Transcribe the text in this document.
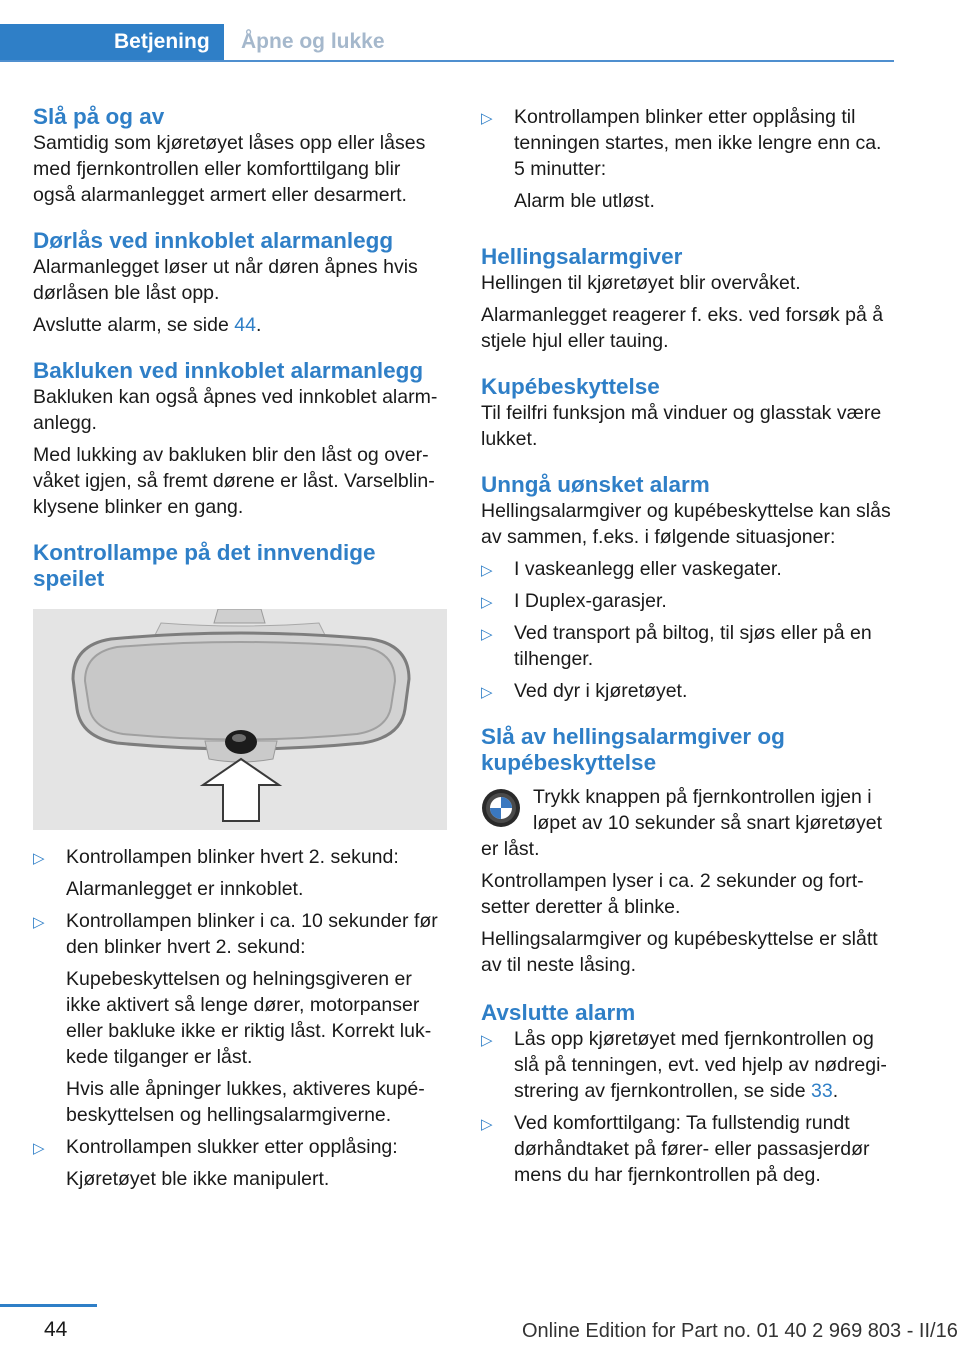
Betjening	Åpne og lukke
Slå på og av

Samtidig som kjøretøyet låses opp eller låses med fjernkontrollen eller komforttilgang blir også alarmanlegget armert eller desarmert.

Dørlås ved innkoblet alarmanlegg

Alarmanlegget løser ut når døren åpnes hvis dørlåsen ble låst opp.

Avslutte alarm, se side 44.

Bakluken ved innkoblet alarmanlegg

Bakluken kan også åpnes ved innkoblet alarmanlegg.

Med lukking av bakluken blir den låst og overvåket igjen, så fremt dørene er låst. Varselblinklysene blinker en gang.

Kontrollampe på det innvendige speilet
▷ Kontrollampen blinker hvert 2. sekund:
Alarmanlegget er innkoblet.
▷ Kontrollampen blinker i ca. 10 sekunder før den blinker hvert 2. sekund:
Kupebeskyttelsen og helningsgiveren er ikke aktivert så lenge dører, motorpanser eller bakluke ikke er riktig låst. Korrekt lukkede tilganger er låst.
Hvis alle åpninger lukkes, aktiveres kupébeskyttelsen og hellingsalarmgiverne.
▷ Kontrollampen slukker etter opplåsing:
Kjøretøyet ble ikke manipulert.
▷ Kontrollampen blinker etter opplåsing til tenningen startes, men ikke lengre enn ca. 5 minutter:
Alarm ble utløst.
Hellingsalarmgiver

Hellingen til kjøretøyet blir overvåket.

Alarmanlegget reagerer f. eks. ved forsøk på å stjele hjul eller tauing.

Kupébeskyttelse

Til feilfri funksjon må vinduer og glasstak være lukket.

Unngå uønsket alarm

Hellingsalarmgiver og kupébeskyttelse kan slås av sammen, f.eks. i følgende situasjoner:

▷ I vaskeanlegg eller vaskegater.
▷ I Duplex-garasjer.
▷ Ved transport på biltog, til sjøs eller på en tilhenger.
▷ Ved dyr i kjøretøyet.
Slå av hellingsalarmgiver og kupébeskyttelse

Trykk knappen på fjernkontrollen igjen i løpet av 10 sekunder så snart kjøretøyet er låst.

Kontrollampen lyser i ca. 2 sekunder og fortsetter deretter å blinke.

Hellingsalarmgiver og kupébeskyttelse er slått av til neste låsing.

Avslutte alarm
▷ Lås opp kjøretøyet med fjernkontrollen og slå på tenningen, evt. ved hjelp av nødregistrering av fjernkontrollen, se side 33.
▷ Ved komforttilgang: Ta fullstendig rundt dørhåndtaket på fører- eller passasjerdør mens du har fjernkontrollen på deg.
44	Online Edition for Part no. 01 40 2 969 803 - II/16
